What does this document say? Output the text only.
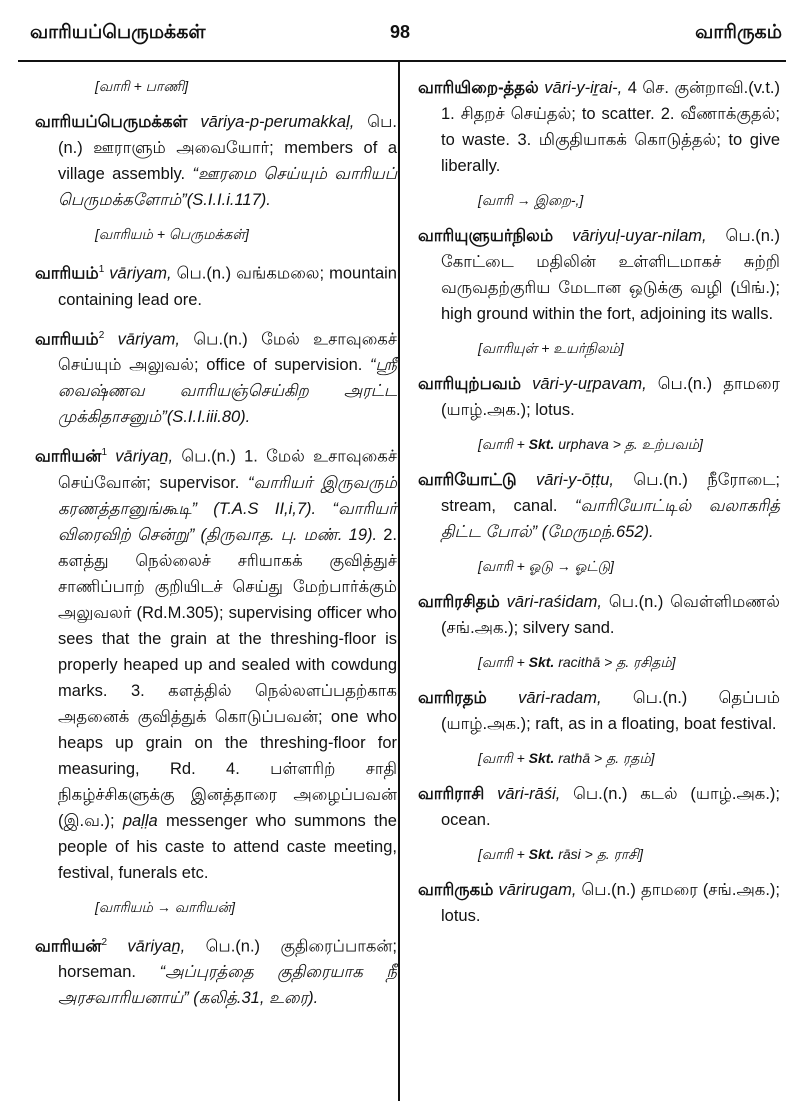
வாரியப்பெருமக்கள்	98	வாரிருகம்
[வாரி + பாணி]

வாரியப்பெருமக்கள் vāriya-p-perumakkaḷ, பெ.(n.) ஊராளும் அவையோர்; members of a village assembly. “ஊரமை செய்யும் வாரியப் பெருமக்களோம்”(S.I.I.i.117).

[வாரியம் + பெருமக்கள்]

வாரியம்$^1$ vāriyam, பெ.(n.) வங்கமலை; mountain containing lead ore.

வாரியம்$^2$ vāriyam, பெ.(n.) மேல் உசாவுகைச் செய்யும் அலுவல்; office of supervision. “ஸ்ரீ வைஷ்ணவ வாரியஞ்செய்கிற அரட்ட முக்கிதாசனும்”(S.I.I.iii.80).

வாரியன்$^1$ vāriyaṉ, பெ.(n.) 1. மேல் உசாவுகைச் செய்வோன்; supervisor. “வாரியர் இருவரும் கரணத்தானுங்கூடி” (T.A.S II,i,7). “வாரியர் விரைவிற் சென்று” (திருவாத. பு. மண். 19). 2. களத்து நெல்லைச் சரியாகக் குவித்துச் சாணிப்பாற் குறியிடச் செய்து மேற்பார்க்கும் அலுவலர் (Rd.M.305); supervising officer who sees that the grain at the threshing-floor is properly heaped up and sealed with cowdung marks. 3. களத்தில் நெல்லளப்பதற்காக அதனைக் குவித்துக் கொடுப்பவன்; one who heaps up grain on the threshing-floor for measuring, Rd. 4. பள்ளரிற் சாதி நிகழ்ச்சிகளுக்கு இனத்தாரை அழைப்பவன் (இ.வ.); paḷḷa messenger who summons the people of his caste to attend caste meeting, festival, funerals etc.

[வாரியம் → வாரியன்]

வாரியன்$^2$ vāriyaṉ, பெ.(n.) குதிரைப்பாகன்; horseman. “அப்புரத்தை குதிரையாக நீ அரசவாரியனாய்” (கலித்.31, உரை).

வாரியிறை-த்தல் vāri-y-iṟai-, 4 செ. குன்றாவி.(v.t.) 1. சிதறச் செய்தல்; to scatter. 2. வீணாக்குதல்; to waste. 3. மிகுதியாகக் கொடுத்தல்; to give liberally.

[வாரி → இறை-,]

வாரியுளுயர்நிலம் vāriyuḷ-uyar-nilam, பெ.(n.) கோட்டை மதிலின் உள்ளிடமாகச் சுற்றி வருவதற்குரிய மேடான ஒடுக்கு வழி (பிங்.); high ground within the fort, adjoining its walls.

[வாரியுள் + உயர்நிலம்]

வாரியுற்பவம் vāri-y-uṟpavam, பெ.(n.) தாமரை (யாழ்.அக.); lotus.

[வாரி + Skt. urphava > த. உற்பவம்]

வாரியோட்டு vāri-y-ōṭṭu, பெ.(n.) நீரோடை; stream, canal. “வாரியோட்டில் வலாகரித் திட்ட போல்” (மேருமந்.652).

[வாரி + ஓடு → ஓட்டு]

வாரிரசிதம் vāri-raśidam, பெ.(n.) வெள்ளிமணல் (சங்.அக.); silvery sand.

[வாரி + Skt. racithā > த. ரசிதம்]

வாரிரதம் vāri-radam, பெ.(n.) தெப்பம் (யாழ்.அக.); raft, as in a floating, boat festival.

[வாரி + Skt. rathā > த. ரதம்]

வாரிராசி vāri-rāśi, பெ.(n.) கடல் (யாழ்.அக.); ocean.

[வாரி + Skt. rāsi > த. ராசி]

வாரிருகம் vārirugam, பெ.(n.) தாமரை (சங்.அக.); lotus.
